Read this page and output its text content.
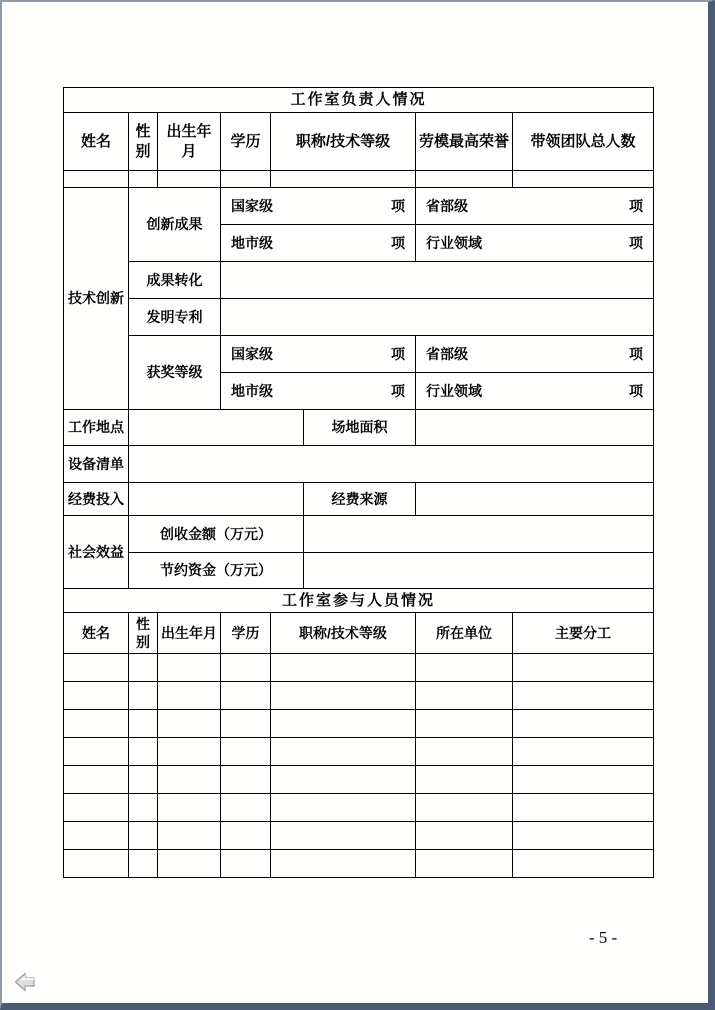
工作室负责人情况							
姓名	性别	出生年月	学历	职称/技术等级		劳模最高荣誉	带领团队总人数

技术创新	创新成果		国家级 项			省部级 项	

			地市级 项			行业领域 项	

	成果转化						
	发明专利						
	获奖等级		国家级 项			省部级 项	

			地市级 项			行业领域 项	

工作地点					场地面积		
设备清单							
经费投入					经费来源		
社会效益	创收金额（万元）						
	节约资金（万元）						
工作室参与人员情况							
姓名	性别	出生年月	学历	职称/技术等级		所在单位	主要分工

- 5 -
